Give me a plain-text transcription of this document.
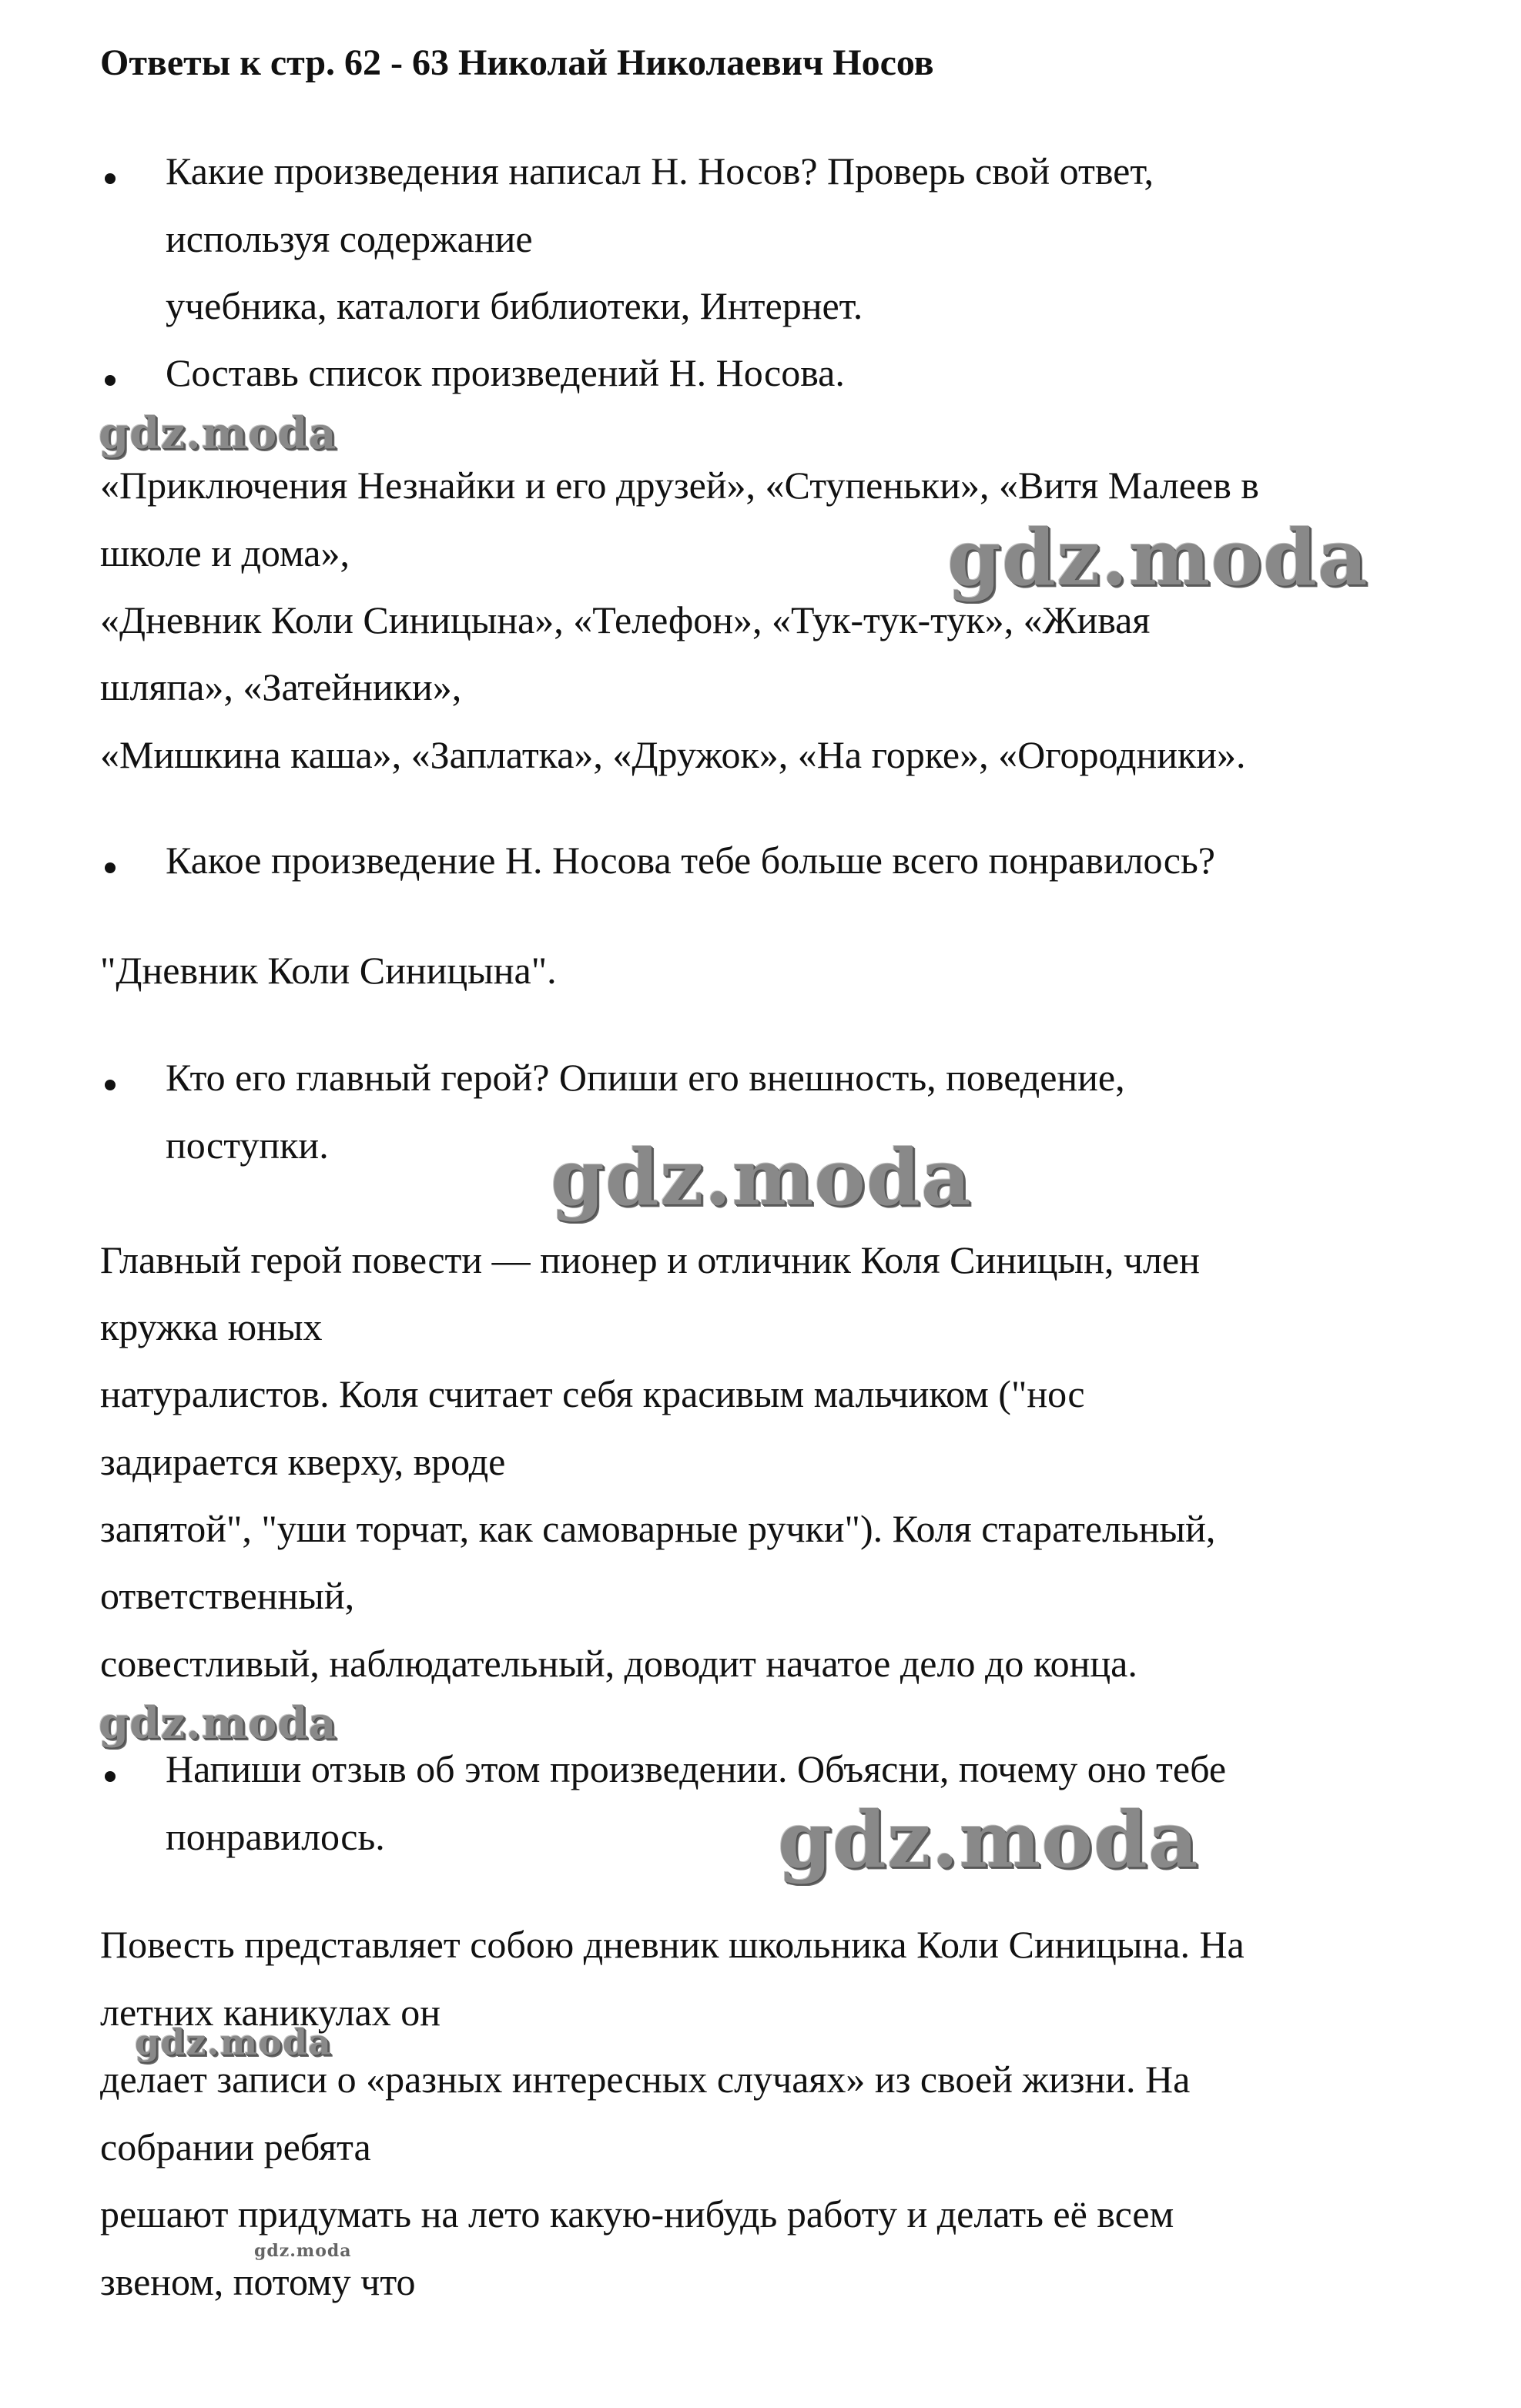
Ответы к стр. 62 - 63 Николай Николаевич Носов
Какие произведения написал Н. Носов? Проверь свой ответ,
используя содержание
учебника, каталоги библиотеки, Интернет.
Составь список произведений Н. Носова.
gdz.moda
«Приключения Незнайки и его друзей», «Ступеньки», «Витя Малеев в
школе и дома»,	gdz.moda
«Дневник Коли Синицына», «Телефон», «Тук-тук-тук», «Живая
шляпа», «Затейники»,
«Мишкина каша», «Заплатка», «Дружок», «На горке», «Огородники».
Какое произведение Н. Носова тебе больше всего понравилось?
"Дневник Коли Синицына".
Кто его главный герой? Опиши его внешность, поведение,
поступки.	gdz.moda
Главный герой повести — пионер и отличник Коля Синицын, член
кружка юных
натуралистов. Коля считает себя красивым мальчиком ("нос
задирается кверху, вроде
запятой", "уши торчат, как самоварные ручки"). Коля старательный,
ответственный,
совестливый, наблюдательный, доводит начатое дело до конца.
gdz.moda
Напиши отзыв об этом произведении. Объясни, почему оно тебе
понравилось.	gdz.moda
Повесть представляет собою дневник школьника Коли Синицына. На
летних каникулах он
gdz.moda
делает записи о «разных интересных случаях» из своей жизни. На
собрании ребята
решают придумать на лето какую-нибудь работу и делать её всем
gdz.moda
звеном, потому что
